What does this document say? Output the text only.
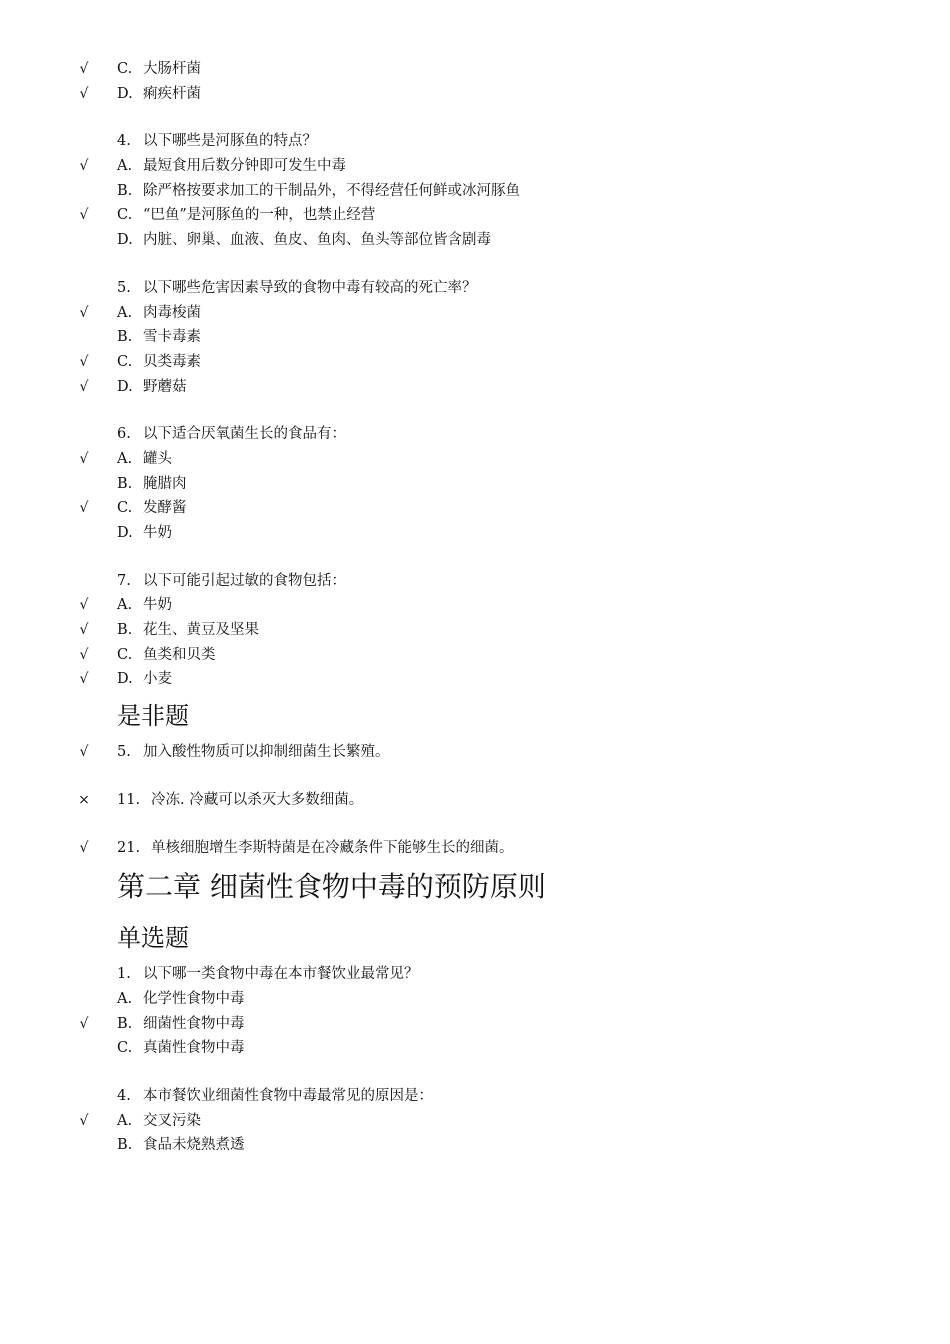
√ C. 大肠杆菌
√ D. 痢疾杆菌
4. 以下哪些是河豚鱼的特点？
√ A. 最短食用后数分钟即可发生中毒
B. 除严格按要求加工的干制品外，不得经营任何鲜或冰河豚鱼
√ C. “巴鱼”是河豚鱼的一种，也禁止经营
D. 内脏、卵巢、血液、鱼皮、鱼肉、鱼头等部位皆含剧毒
5. 以下哪些危害因素导致的食物中毒有较高的死亡率？
√ A. 肉毒梭菌
B. 雪卡毒素
√ C. 贝类毒素
√ D. 野蘑菇
6. 以下适合厌氧菌生长的食品有：
√ A. 罐头
B. 腌腊肉
√ C. 发酵酱
D. 牛奶
7. 以下可能引起过敏的食物包括：
√ A. 牛奶
√ B. 花生、黄豆及坚果
√ C. 鱼类和贝类
√ D. 小麦
是非题
√ 5. 加入酸性物质可以抑制细菌生长繁殖。
× 11. 冷冻. 冷藏可以杀灭大多数细菌。
√ 21. 单核细胞增生李斯特菌是在冷藏条件下能够生长的细菌。
第二章 细菌性食物中毒的预防原则
单选题
1. 以下哪一类食物中毒在本市餐饮业最常见？
A. 化学性食物中毒
√ B. 细菌性食物中毒
C. 真菌性食物中毒
4. 本市餐饮业细菌性食物中毒最常见的原因是：
√ A. 交叉污染
B. 食品未烧熟煮透
